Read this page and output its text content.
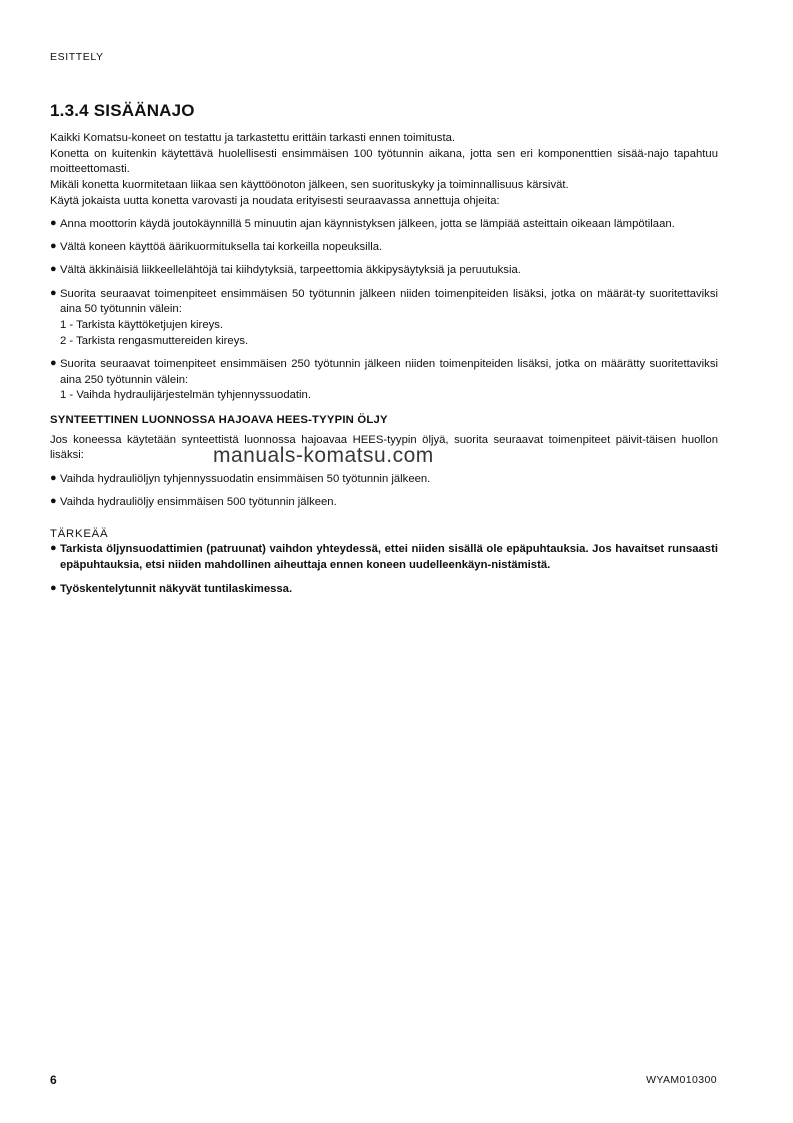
ESITTELY
1.3.4 SISÄÄNAJO

Kaikki Komatsu-koneet on testattu ja tarkastettu erittäin tarkasti ennen toimitusta.

Konetta on kuitenkin käytettävä huolellisesti ensimmäisen 100 työtunnin aikana, jotta sen eri komponenttien sisää-najo tapahtuu moitteettomasti.

Mikäli konetta kuormitetaan liikaa sen käyttöönoton jälkeen, sen suorituskyky ja toiminnallisuus kärsivät.

Käytä jokaista uutta konetta varovasti ja noudata erityisesti seuraavassa annettuja ohjeita:

● Anna moottorin käydä joutokäynnillä 5 minuutin ajan käynnistyksen jälkeen, jotta se lämpiää asteittain oikeaan lämpötilaan.
● Vältä koneen käyttöä äärikuormituksella tai korkeilla nopeuksilla.
● Vältä äkkinäisiä liikkeellelähtöjä tai kiihdytyksiä, tarpeettomia äkkipysäytyksiä ja peruutuksia.
● Suorita seuraavat toimenpiteet ensimmäisen 50 työtunnin jälkeen niiden toimenpiteiden lisäksi, jotka on määrät-ty suoritettaviksi aina 50 työtunnin välein:
1 - Tarkista käyttöketjujen kireys.
2 - Tarkista rengasmuttereiden kireys.
● Suorita seuraavat toimenpiteet ensimmäisen 250 työtunnin jälkeen niiden toimenpiteiden lisäksi, jotka on määrätty suoritettaviksi aina 250 työtunnin välein:
1 - Vaihda hydraulijärjestelmän tyhjennyssuodatin.

SYNTEETTINEN LUONNOSSA HAJOAVA HEES-TYYPIN ÖLJY

Jos koneessa käytetään synteettistä luonnossa hajoavaa HEES-tyypin öljyä, suorita seuraavat toimenpiteet päivit-täisen huollon lisäksi:

● Vaihda hydrauliöljyn tyhjennyssuodatin ensimmäisen 50 työtunnin jälkeen.
● Vaihda hydrauliöljy ensimmäisen 500 työtunnin jälkeen.

TÄRKEÄÄ

● Tarkista öljynsuodattimien (patruunat) vaihdon yhteydessä, ettei niiden sisällä ole epäpuhtauksia. Jos havaitset runsaasti epäpuhtauksia, etsi niiden mahdollinen aiheuttaja ennen koneen uudelleenkäyn-nistämistä.
● Työskentelytunnit näkyvät tuntilaskimessa.
manuals-komatsu.com
6	WYAM010300
